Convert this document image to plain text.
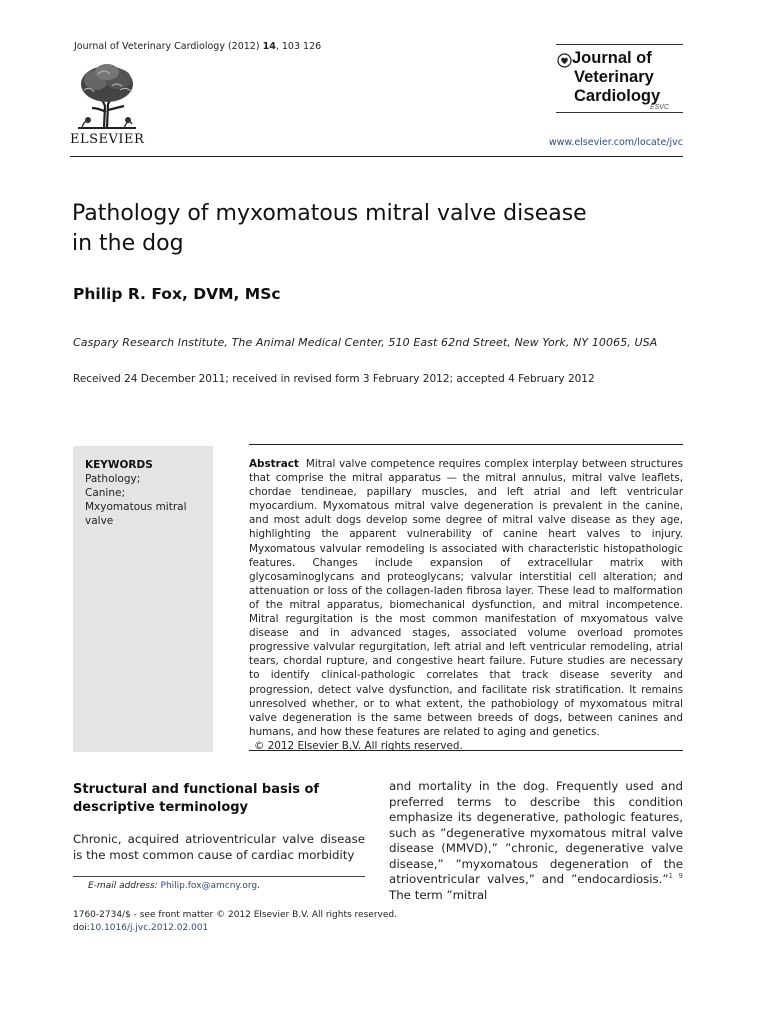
Journal of Veterinary Cardiology (2012) 14, 103 126
ELSEVIER
Journal of
Veterinary
Cardiology
ESVC
www.elsevier.com/locate/jvc
Pathology of myxomatous mitral valve disease
in the dog
Philip R. Fox, DVM, MSc
Caspary Research Institute, The Animal Medical Center, 510 East 62nd Street, New York, NY 10065, USA
Received 24 December 2011; received in revised form 3 February 2012; accepted 4 February 2012
KEYWORDS
Pathology;
Canine;
Mxyomatous mitral
valve
Abstract Mitral valve competence requires complex interplay between structures that comprise the mitral apparatus — the mitral annulus, mitral valve leaflets, chordae tendineae, papillary muscles, and left atrial and left ventricular myocardium. Myxomatous mitral valve degeneration is prevalent in the canine, and most adult dogs develop some degree of mitral valve disease as they age, highlighting the apparent vulnerability of canine heart valves to injury. Myxomatous valvular remodeling is associated with characteristic histopathologic features. Changes include expansion of extracellular matrix with glycosaminoglycans and proteoglycans; valvular interstitial cell alteration; and attenuation or loss of the collagen-laden fibrosa layer. These lead to malformation of the mitral apparatus, biomechanical dysfunction, and mitral incompetence. Mitral regurgitation is the most common manifestation of mxyomatous valve disease and in advanced stages, associated volume overload promotes progressive valvular regurgitation, left atrial and left ventricular remodeling, atrial tears, chordal rupture, and congestive heart failure. Future studies are necessary to identify clinical-pathologic correlates that track disease severity and progression, detect valve dysfunction, and facilitate risk stratification. It remains unresolved whether, or to what extent, the pathobiology of myxomatous mitral valve degeneration is the same between breeds of dogs, between canines and humans, and how these features are related to aging and genetics.
© 2012 Elsevier B.V. All rights reserved.
Structural and functional basis of descriptive terminology
Chronic, acquired atrioventricular valve disease is the most common cause of cardiac morbidity
and mortality in the dog. Frequently used and preferred terms to describe this condition emphasize its degenerative, pathologic features, such as ”degenerative myxomatous mitral valve disease (MMVD),” ”chronic, degenerative valve disease,” ”myxomatous degeneration of the atrioventricular valves,” and ”endocardiosis.”$^{1 9}$ The term ”mitral
E-mail address: Philip.fox@amcny.org.
1760-2734/$ - see front matter © 2012 Elsevier B.V. All rights reserved.
doi:10.1016/j.jvc.2012.02.001
